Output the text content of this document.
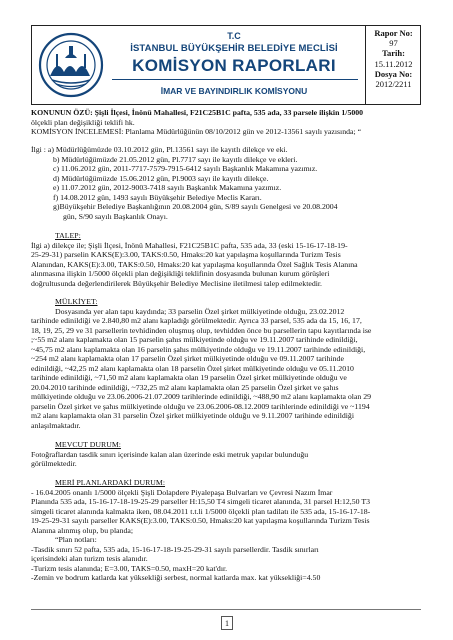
T.C
İSTANBUL BÜYÜKŞEHİR BELEDİYE MECLİSİ
KOMİSYON RAPORLARI
İMAR VE BAYINDIRLIK KOMİSYONU
Rapor No:
97
Tarih:
15.11.2012
Dosya No:
2012/2211
KONUNUN ÖZÜ: Şişli İlçesi, İnönü Mahallesi, F21C25B1C pafta, 535 ada, 33 parsele ilişkin 1/5000
ölçekli plan değişikliği teklifi hk.
KOMİSYON İNCELEMESİ: Planlama Müdürlüğünün 08/10/2012 gün ve 2012-13561 sayılı yazısında; “
İlgi : a) Müdürlüğümüzde 03.10.2012 gün, Pl.13561 sayı ile kayıtlı dilekçe ve eki.
b) Müdürlüğümüzde 21.05.2012 gün, Pl.7717 sayı ile kayıtlı dilekçe ve ekleri.
c) 11.06.2012 gün, 2011-7717-7579-7915-6412 sayılı Başkanlık Makamına yazımız.
d) Müdürlüğümüzde 15.06.2012 gün, Pl.9003 sayı ile kayıtlı dilekçe.
e) 11.07.2012 gün, 2012-9003-7418 sayılı Başkanlık Makamına yazımız.
f) 14.08.2012 gün, 1493 sayılı Büyükşehir Belediye Meclis Kararı.
g)Büyükşehir Belediye Başkanlığının 20.08.2004 gün, S/89 sayılı Genelgesi ve 20.08.2004
gün, S/90 sayılı Başkanlık Onayı.
TALEP:
İlgi a) dilekçe ile; Şişli İlçesi, İnönü Mahallesi, F21C25B1C pafta, 535 ada, 33 (eski 15-16-17-18-19-
25-29-31) parselin KAKS(E):3.00, TAKS:0.50, Hmaks:20 kat yapılaşma koşullarında Turizm Tesis
Alanından, KAKS(E):3.00, TAKS:0.50, Hmaks:20 kat yapılaşma koşullarında Özel Sağlık Tesis Alanına
alınmasına ilişkin 1/5000 ölçekli plan değişikliği teklifinin dosyasında bulunan kurum görüşleri
doğrultusunda değerlendirilerek Büyükşehir Belediye Meclisine iletilmesi talep edilmektedir.
MÜLKİYET:
Dosyasında yer alan tapu kaydında; 33 parselin Özel şirket mülkiyetinde olduğu, 23.02.2012
tarihinde edinildiği ve 2.840,80 m2 alanı kapladığı görülmektedir. Ayrıca 33 parsel, 535 ada da 15, 16, 17,
18, 19, 25, 29 ve 31 parsellerin tevhidinden oluşmuş olup, tevhidden önce bu parsellerin tapu kayıtlarında ise
;~55 m2 alanı kaplamakta olan 15 parselin şahıs mülkiyetinde olduğu ve 19.11.2007 tarihinde edinildiği,
~45,75 m2 alanı kaplamakta olan 16 parselin şahıs mülkiyetinde olduğu ve 19.11.2007 tarihinde edinildiği,
~254 m2 alanı kaplamakta olan 17 parselin Özel şirket mülkiyetinde olduğu ve 09.11.2007 tarihinde
edinildiği, ~42,25 m2 alanı kaplamakta olan 18 parselin Özel şirket mülkiyetinde olduğu ve 05.11.2010
tarihinde edinildiği, ~71,50 m2 alanı kaplamakta olan 19 parselin Özel şirket mülkiyetinde olduğu ve
20.04.2010 tarihinde edinildiği, ~732,25 m2 alanı kaplamakta olan 25 parselin Özel şirket ve şahıs
mülkiyetinde olduğu ve 23.06.2006-21.07.2009 tarihlerinde edinildiği, ~488,90 m2 alanı kaplamakta olan 29
parselin Özel şirket ve şahıs mülkiyetinde olduğu ve 23.06.2006-08.12.2009 tarihlerinde edinildiği ve ~1194
m2 alanı kaplamakta olan 31 parselin Özel şirket mülkiyetinde olduğu ve 9.11.2007 tarihinde edinildiği
anlaşılmaktadır.
MEVCUT DURUM:
Fotoğraflardan tasdik sınırı içerisinde kalan alan üzerinde eski metruk yapılar bulunduğu
görülmektedir.
MERİ PLANLARDAKİ DURUM:
- 16.04.2005 onanlı 1/5000 ölçekli Şişli Dolapdere Piyalepaşa Bulvarları ve Çevresi Nazım İmar
Planında 535 ada, 15-16-17-18-19-25-29 parseller H:15,50 T4 simgeli ticaret alanında, 31 parsel H:12,50 T3
simgeli ticaret alanında kalmakta iken, 08.04.2011 t.t.li 1/5000 ölçekli plan tadilatı ile 535 ada, 15-16-17-18-
19-25-29-31 sayılı parseller KAKS(E):3.00, TAKS:0.50, Hmaks:20 kat yapılaşma koşullarında Turizm Tesis
Alanına alınmış olup, bu planda;
“Plan notları:
-Tasdik sınırı 52 pafta, 535 ada, 15-16-17-18-19-25-29-31 sayılı parsellerdir. Tasdik sınırları
içerisindeki alan turizm tesis alanıdır.
-Turizm tesis alanında; E=3.00, TAKS=0.50, maxH=20 kat'dır.
-Zemin ve bodrum katlarda kat yüksekliği serbest, normal katlarda max. kat yüksekliği=4.50
1
